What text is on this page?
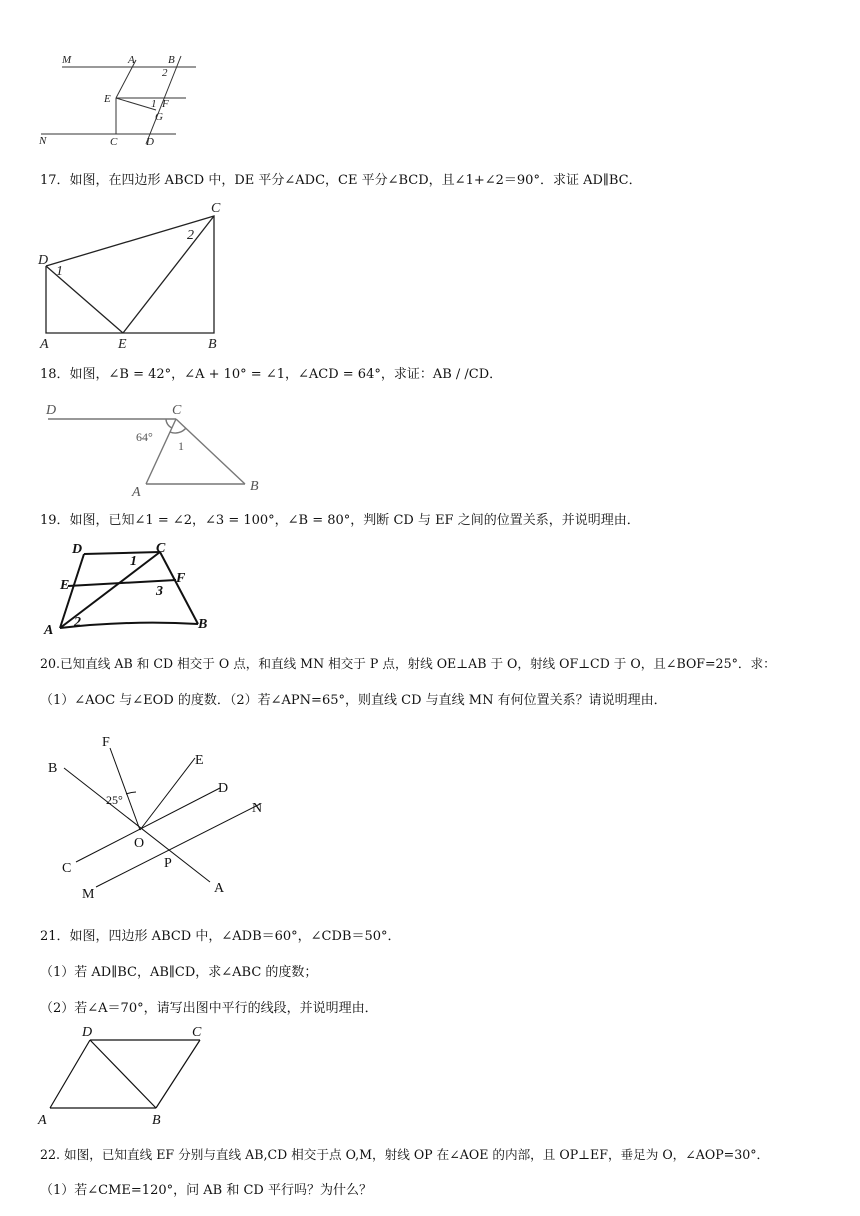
M	A	B
2
E	1 F
G
N	C	D
17．如图，在四边形 ABCD 中，DE 平分∠ADC，CE 平分∠BCD，且∠1+∠2＝90°．求证 AD∥BC．
C
2
D
1
A	E	B
18．如图，∠B = 42°，∠A + 10° = ∠1，∠ACD = 64°，求证：AB / /CD．
D	C
64°
1
A	B
19．如图，已知∠1 = ∠2，∠3 = 100°，∠B = 80°，判断 CD 与 EF 之间的位置关系，并说明理由．
D	C
1
E	F
3
A
2	B
20.已知直线 AB 和 CD 相交于 O 点，和直线 MN 相交于 P 点，射线 OE⊥AB 于 O，射线 OF⊥CD 于 O，且∠BOF=25°．求：
（1）∠AOC 与∠EOD 的度数．（2）若∠APN=65°，则直线 CD 与直线 MN 有何位置关系？请说明理由．
F
E
B
D
25°
N
O
P
C
M	A
21．如图，四边形 ABCD 中，∠ADB＝60°，∠CDB＝50°．
（1）若 AD∥BC，AB∥CD，求∠ABC 的度数；
（2）若∠A＝70°，请写出图中平行的线段，并说明理由．
D	C
A	B
22. 如图，已知直线 EF 分别与直线 AB,CD 相交于点 O,M，射线 OP 在∠AOE 的内部，且 OP⊥EF，垂足为 O，∠AOP=30°．
（1）若∠CME=120°，问 AB 和 CD 平行吗？为什么？
